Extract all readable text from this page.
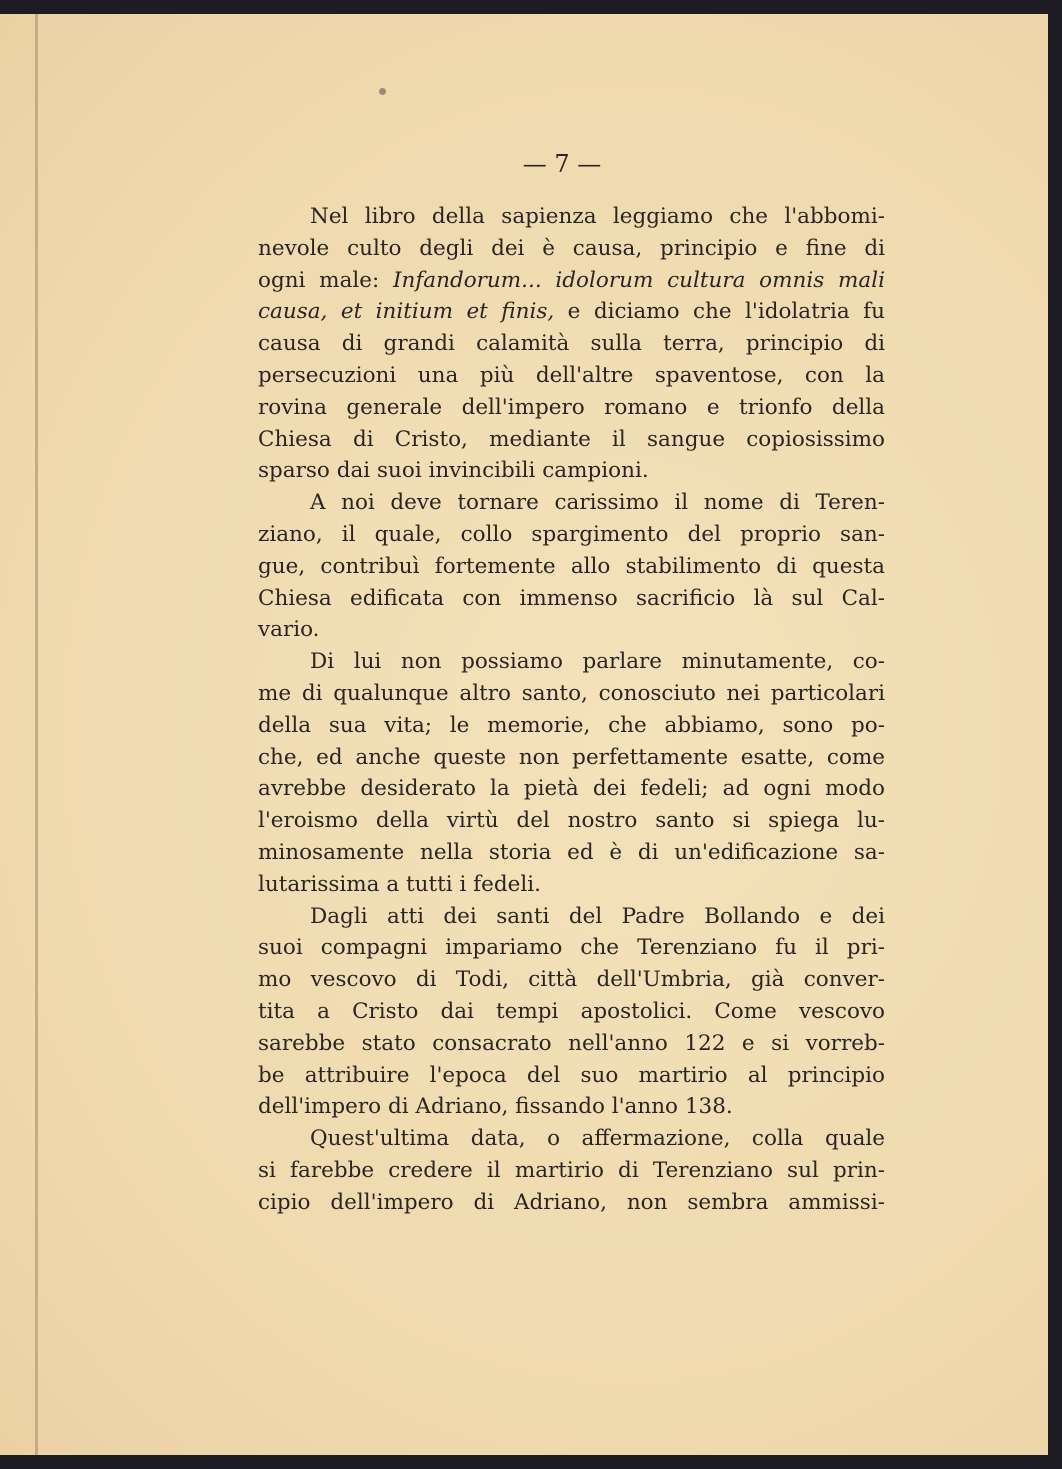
— 7 —
Nel libro della sapienza leggiamo che l'abbomi-
nevole culto degli dei è causa, principio e fine di
ogni male: Infandorum... idolorum cultura omnis mali
causa, et initium et finis, e diciamo che l'idolatria fu
causa di grandi calamità sulla terra, principio di
persecuzioni una più dell'altre spaventose, con la
rovina generale dell'impero romano e trionfo della
Chiesa di Cristo, mediante il sangue copiosissimo
sparso dai suoi invincibili campioni.
A noi deve tornare carissimo il nome di Teren-
ziano, il quale, collo spargimento del proprio san-
gue, contribuì fortemente allo stabilimento di questa
Chiesa edificata con immenso sacrificio là sul Cal-
vario.
Di lui non possiamo parlare minutamente, co-
me di qualunque altro santo, conosciuto nei particolari
della sua vita; le memorie, che abbiamo, sono po-
che, ed anche queste non perfettamente esatte, come
avrebbe desiderato la pietà dei fedeli; ad ogni modo
l'eroismo della virtù del nostro santo si spiega lu-
minosamente nella storia ed è di un'edificazione sa-
lutarissima a tutti i fedeli.
Dagli atti dei santi del Padre Bollando e dei
suoi compagni impariamo che Terenziano fu il pri-
mo vescovo di Todi, città dell'Umbria, già conver-
tita a Cristo dai tempi apostolici. Come vescovo
sarebbe stato consacrato nell'anno 122 e si vorreb-
be attribuire l'epoca del suo martirio al principio
dell'impero di Adriano, fissando l'anno 138.
Quest'ultima data, o affermazione, colla quale
si farebbe credere il martirio di Terenziano sul prin-
cipio dell'impero di Adriano, non sembra ammissi-
